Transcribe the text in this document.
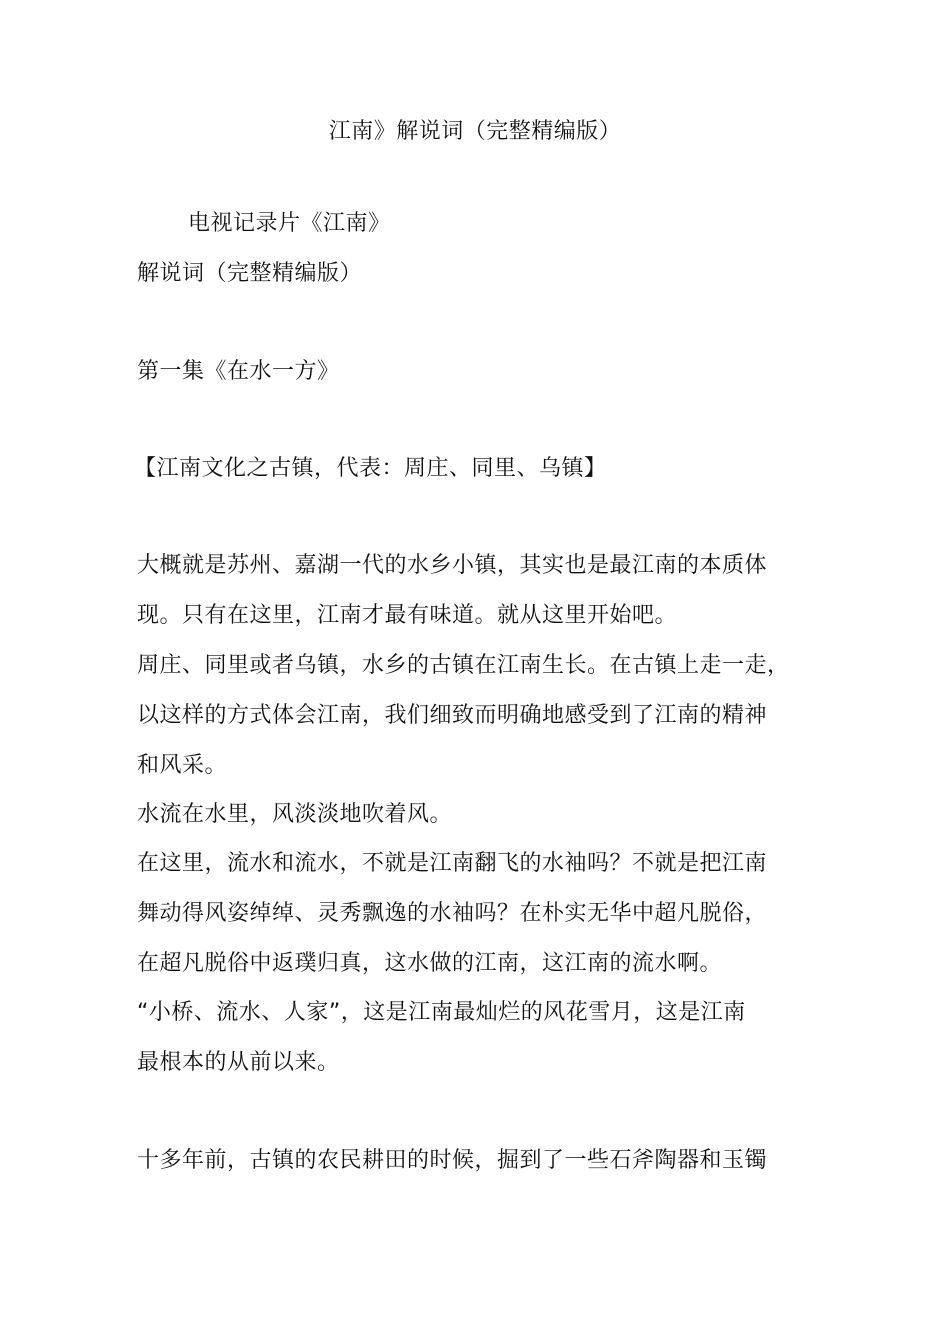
江南》解说词（完整精编版）
电视记录片《江南》
解说词（完整精编版）
第一集《在水一方》
【江南文化之古镇，代表：周庄、同里、乌镇】
大概就是苏州、嘉湖一代的水乡小镇，其实也是最江南的本质体
现。只有在这里，江南才最有味道。就从这里开始吧。
周庄、同里或者乌镇，水乡的古镇在江南生长。在古镇上走一走，
以这样的方式体会江南，我们细致而明确地感受到了江南的精神
和风采。
水流在水里，风淡淡地吹着风。
在这里，流水和流水，不就是江南翻飞的水袖吗？不就是把江南
舞动得风姿绰绰、灵秀飘逸的水袖吗？在朴实无华中超凡脱俗，
在超凡脱俗中返璞归真，这水做的江南，这江南的流水啊。
“小桥、流水、人家”，这是江南最灿烂的风花雪月，这是江南
最根本的从前以来。
十多年前，古镇的农民耕田的时候，掘到了一些石斧陶器和玉镯
